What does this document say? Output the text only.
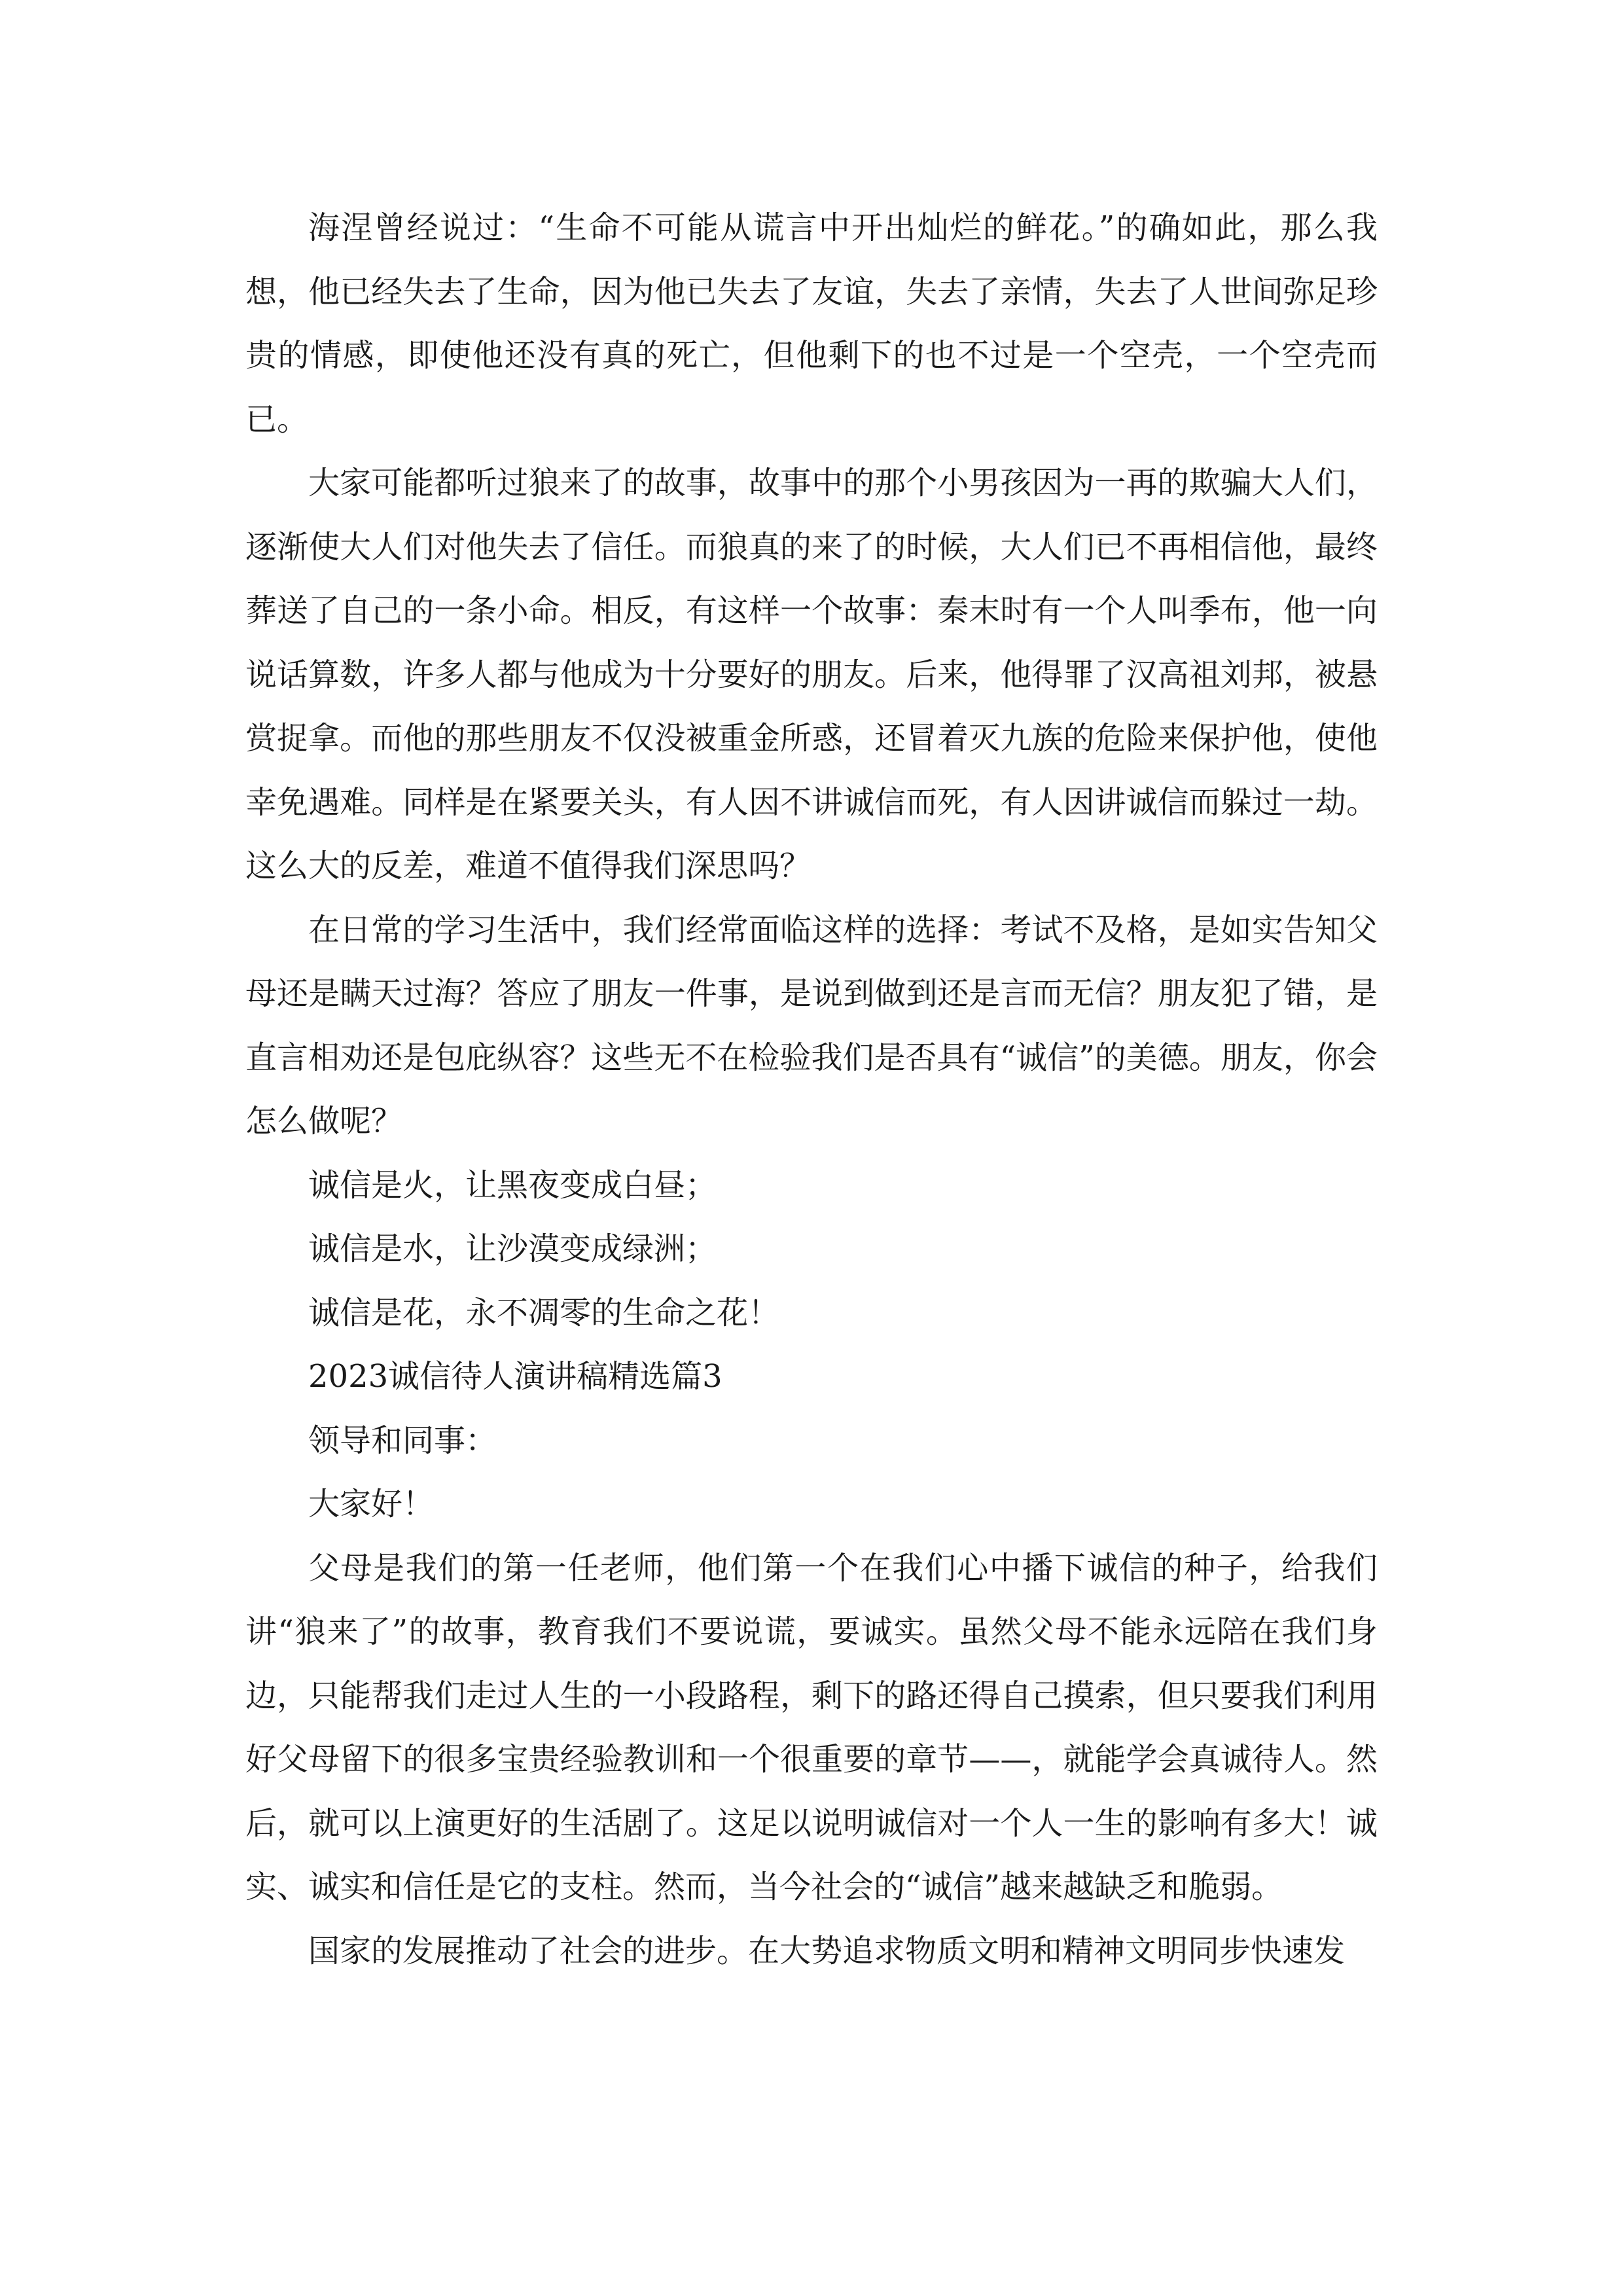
海涅曾经说过：“生命不可能从谎言中开出灿烂的鲜花。”的确如此，那么我想，他已经失去了生命，因为他已失去了友谊，失去了亲情，失去了人世间弥足珍贵的情感，即使他还没有真的死亡，但他剩下的也不过是一个空壳，一个空壳而已。

大家可能都听过狼来了的故事，故事中的那个小男孩因为一再的欺骗大人们，逐渐使大人们对他失去了信任。而狼真的来了的时候，大人们已不再相信他，最终葬送了自己的一条小命。相反，有这样一个故事：秦末时有一个人叫季布，他一向说话算数，许多人都与他成为十分要好的朋友。后来，他得罪了汉高祖刘邦，被悬赏捉拿。而他的那些朋友不仅没被重金所惑，还冒着灭九族的危险来保护他，使他幸免遇难。同样是在紧要关头，有人因不讲诚信而死，有人因讲诚信而躲过一劫。这么大的反差，难道不值得我们深思吗？

在日常的学习生活中，我们经常面临这样的选择：考试不及格，是如实告知父母还是瞒天过海？答应了朋友一件事，是说到做到还是言而无信？朋友犯了错，是直言相劝还是包庇纵容？这些无不在检验我们是否具有“诚信”的美德。朋友，你会怎么做呢？

诚信是火，让黑夜变成白昼；

诚信是水，让沙漠变成绿洲；

诚信是花，永不凋零的生命之花！

2023诚信待人演讲稿精选篇3

领导和同事：

大家好！

父母是我们的第一任老师，他们第一个在我们心中播下诚信的种子，给我们讲“狼来了”的故事，教育我们不要说谎，要诚实。虽然父母不能永远陪在我们身边，只能帮我们走过人生的一小段路程，剩下的路还得自己摸索，但只要我们利用好父母留下的很多宝贵经验教训和一个很重要的章节——，就能学会真诚待人。然后，就可以上演更好的生活剧了。这足以说明诚信对一个人一生的影响有多大！诚实、诚实和信任是它的支柱。然而，当今社会的“诚信”越来越缺乏和脆弱。

国家的发展推动了社会的进步。在大势追求物质文明和精神文明同步快速发
